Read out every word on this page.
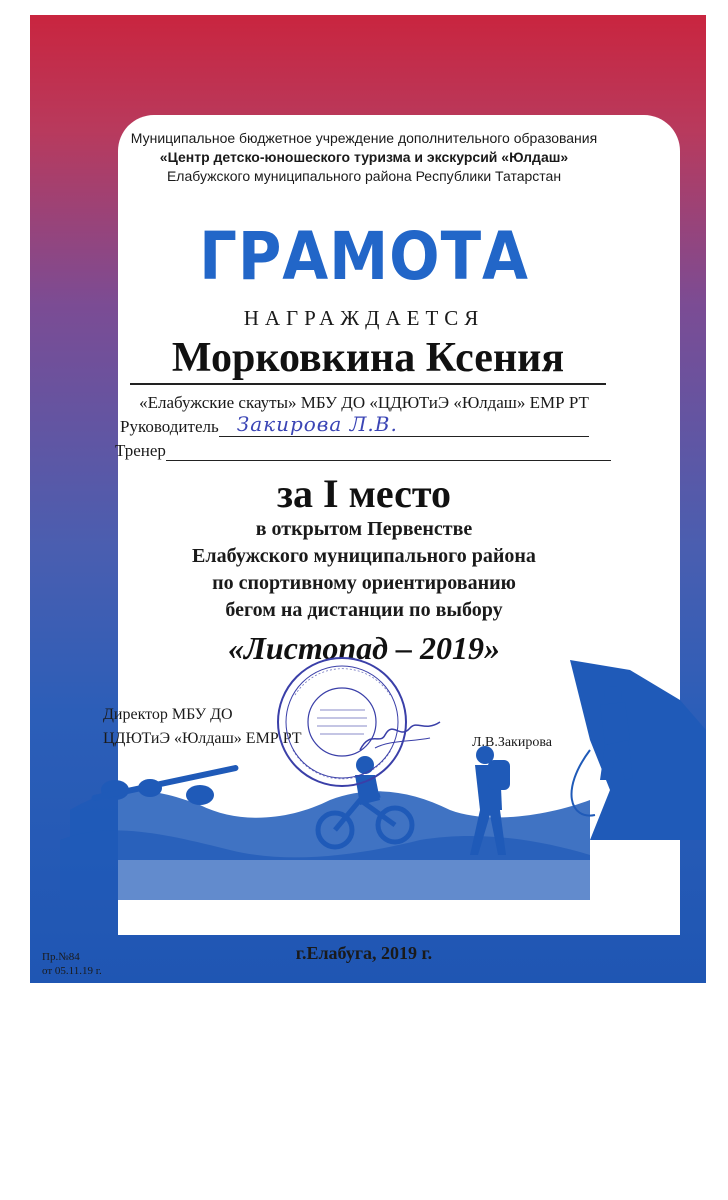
Муниципальное бюджетное учреждение дополнительного образования
«Центр детско-юношеского туризма и экскурсий «Юлдаш»
Елабужского муниципального района Республики Татарстан
ГРАМОТА
НАГРАЖДАЕТСЯ
Морковкина Ксения
«Елабужские скауты» МБУ ДО «ЦДЮТиЭ «Юлдаш» ЕМР РТ
Руководитель Закирова Л.В.
Тренер
за I место
в открытом Первенстве
Елабужского муниципального района
по спортивному ориентированию
бегом на дистанции по выбору
«Листопад – 2019»
Директор МБУ ДО
ЦДЮТиЭ «Юлдаш» ЕМР РТ	Л.В.Закирова
г.Елабуга, 2019 г.
Пр.№84
от 05.11.19 г.
